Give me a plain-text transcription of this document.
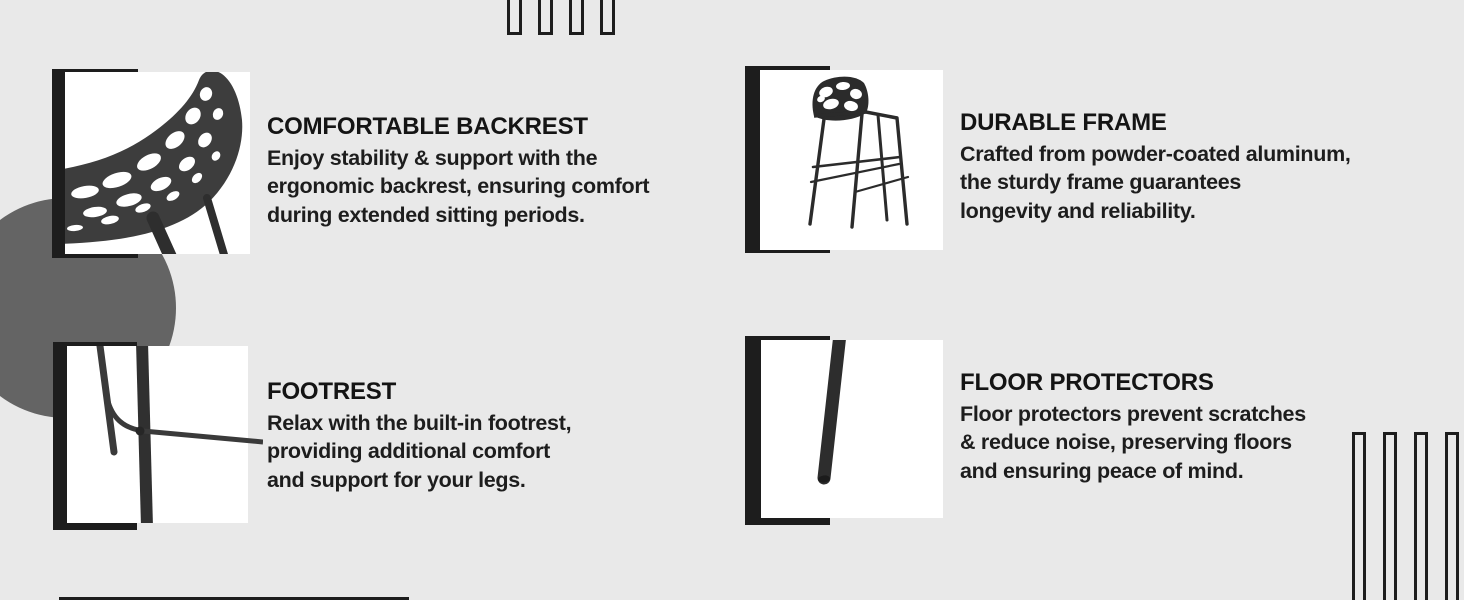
COMFORTABLE BACKREST
Enjoy stability & support with the
ergonomic backrest, ensuring comfort
during extended sitting periods.
DURABLE FRAME
Crafted from powder-coated aluminum,
the sturdy frame guarantees
longevity and reliability.
FOOTREST
Relax with the built-in footrest,
providing additional comfort
and support for your legs.
FLOOR PROTECTORS
Floor protectors prevent scratches
& reduce noise, preserving floors
and ensuring peace of mind.
